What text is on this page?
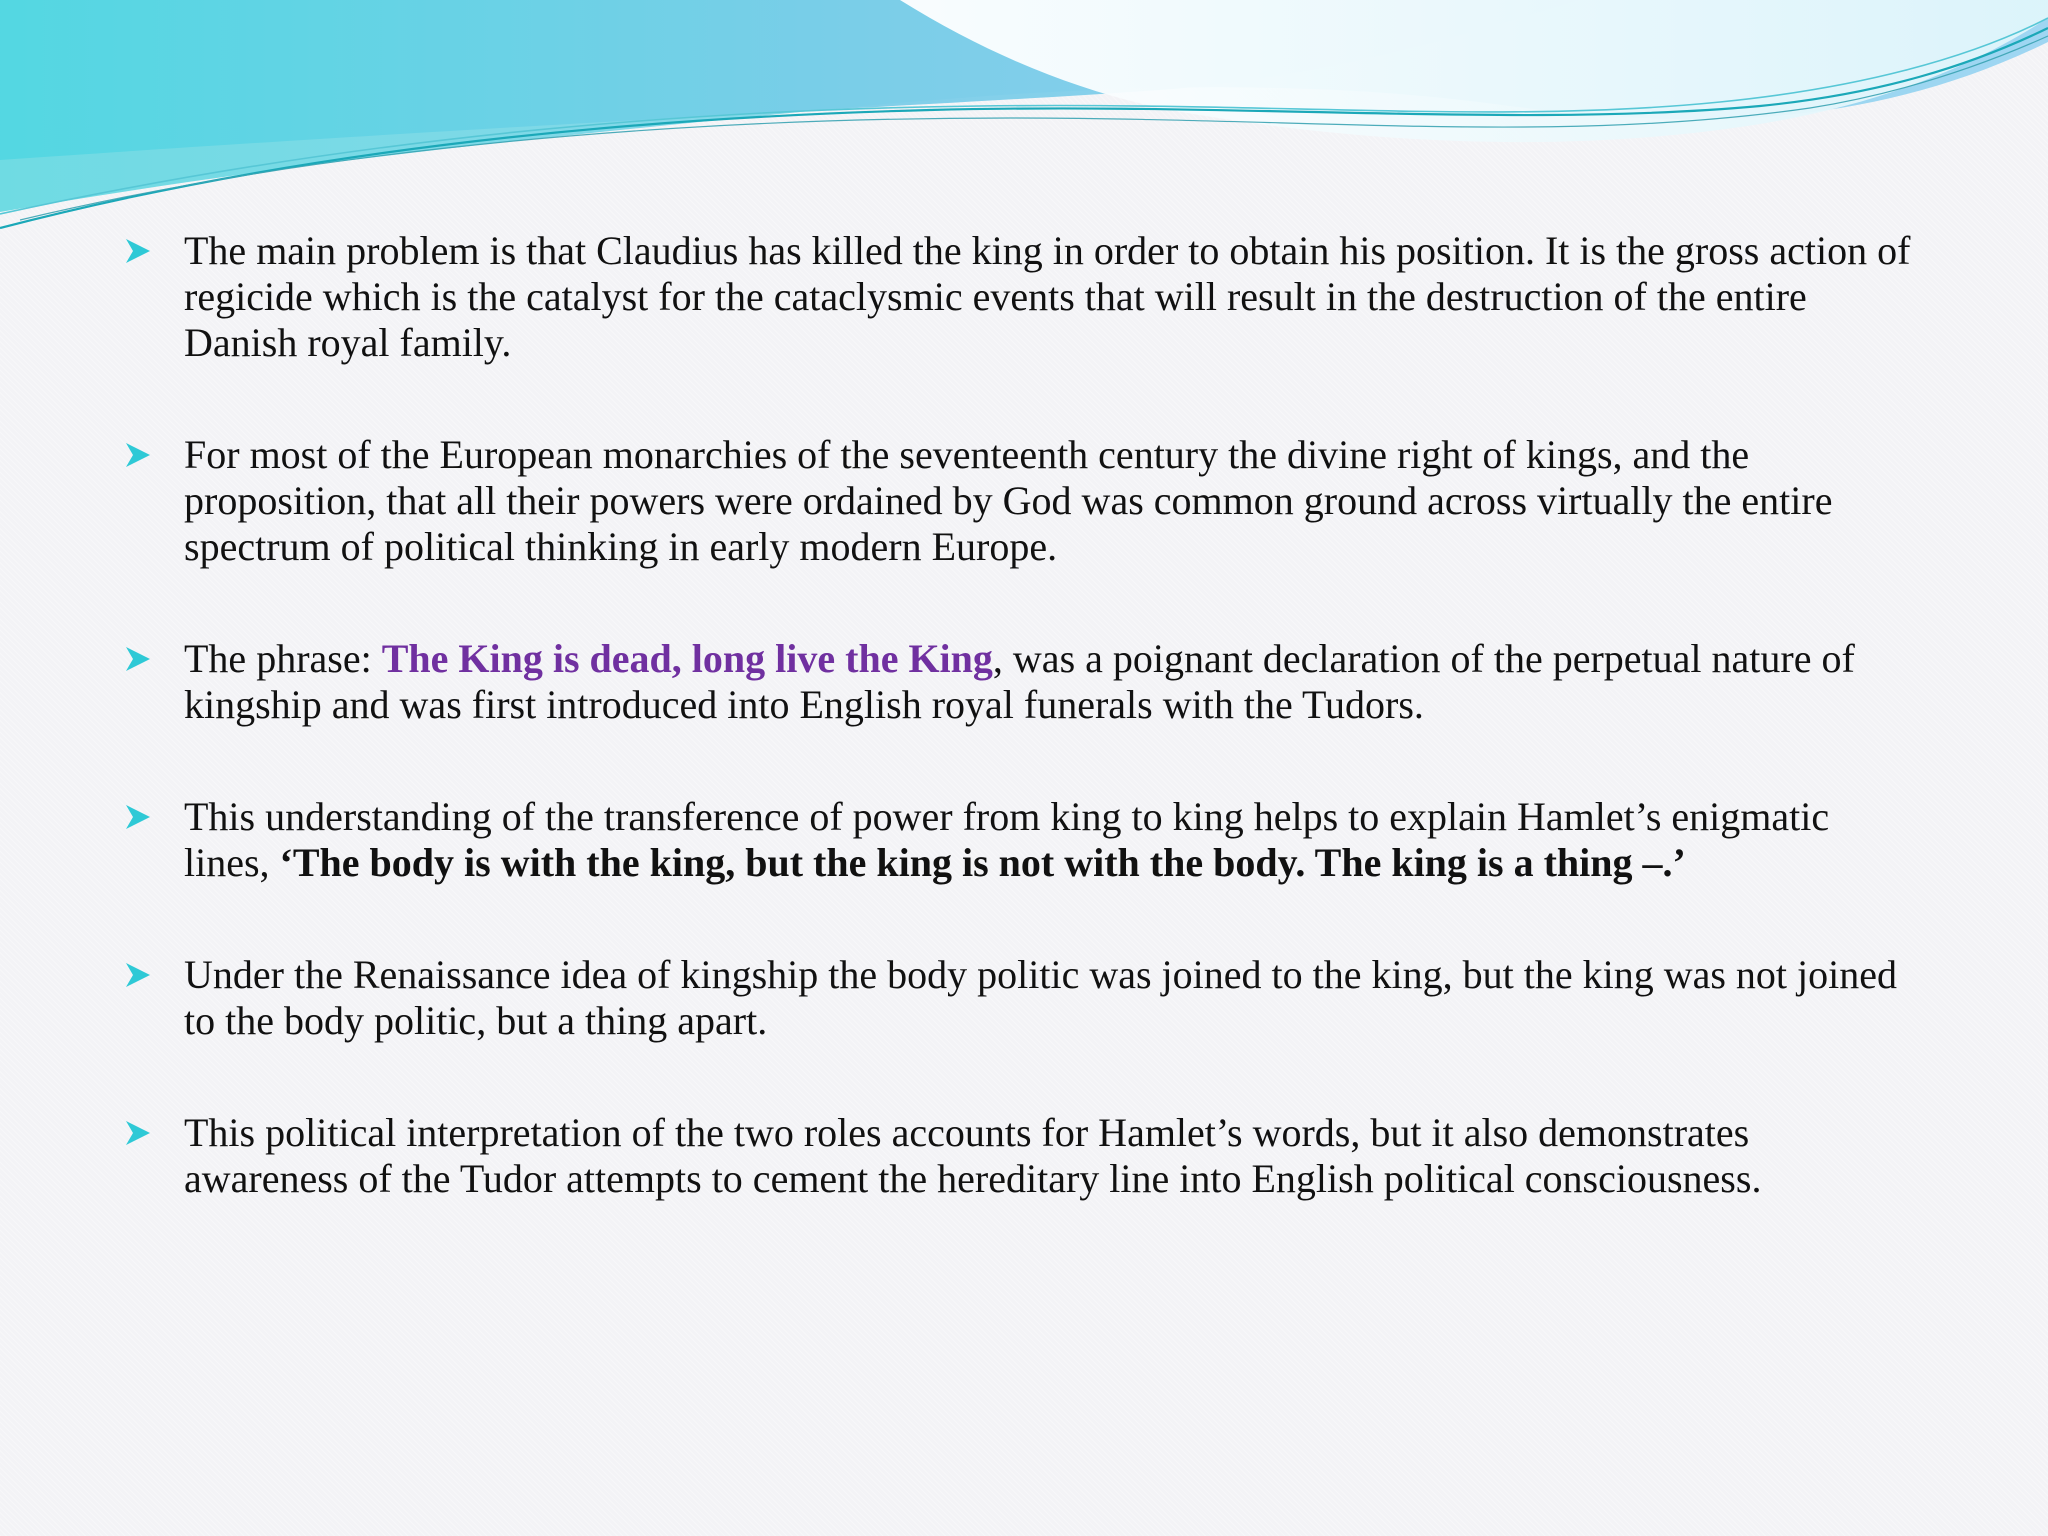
The main problem is that Claudius has killed the king in order to obtain his position. It is the gross action of regicide which is the catalyst for the cataclysmic events that will result in the destruction of the entire Danish royal family.
For most of the European monarchies of the seventeenth century the divine right of kings, and the proposition, that all their powers were ordained by God was common ground across virtually the entire spectrum of political thinking in early modern Europe.
The phrase: The King is dead, long live the King, was a poignant declaration of the perpetual nature of kingship and was first introduced into English royal funerals with the Tudors.
This understanding of the transference of power from king to king helps to explain Hamlet’s enigmatic lines, ‘The body is with the king, but the king is not with the body. The king is a thing –.’
Under the Renaissance idea of kingship the body politic was joined to the king, but the king was not joined to the body politic, but a thing apart.
This political interpretation of the two roles accounts for Hamlet’s words, but it also demonstrates awareness of the Tudor attempts to cement the hereditary line into English political consciousness.
